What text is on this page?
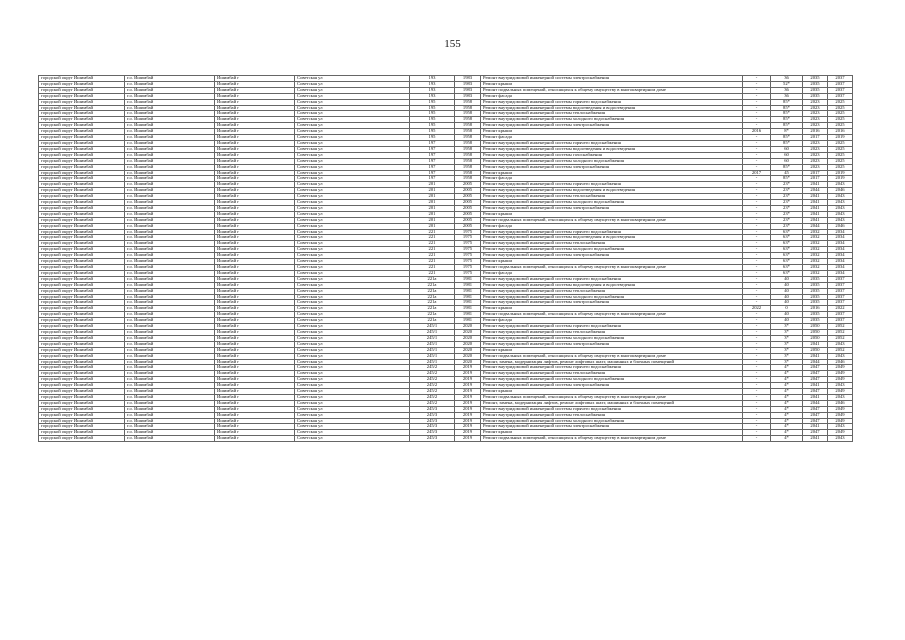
155
городской округ Ишимбай	г.о. Ишимбай	Ишимбай г	Советская ул	193	1983	Ремонт внутридомовой инженерной системы электроснабжения	-	36	2035	2037
городской округ Ишимбай	г.о. Ишимбай	Ишимбай г	Советская ул	193	1983	Ремонт крыши	-	52*	2035	2037
городской округ Ишимбай	г.о. Ишимбай	Ишимбай г	Советская ул	193	1983	Ремонт подвальных помещений, относящихся к общему имуществу в многоквартирном доме	-	36	2035	2037
городской округ Ишимбай	г.о. Ишимбай	Ишимбай г	Советская ул	193	1983	Ремонт фасада	-	36	2035	2037
городской округ Ишимбай	г.о. Ишимбай	Ишимбай г	Советская ул	195	1958	Ремонт внутридомовой инженерной системы горячего водоснабжения	-	85*	2023	2025
городской округ Ишимбай	г.о. Ишимбай	Ишимбай г	Советская ул	195	1958	Ремонт внутридомовой инженерной системы водоотведения и водоотведения	-	85*	2023	2025
городской округ Ишимбай	г.о. Ишимбай	Ишимбай г	Советская ул	195	1958	Ремонт внутридомовой инженерной системы теплоснабжения	-	85*	2023	2025
городской округ Ишимбай	г.о. Ишимбай	Ишимбай г	Советская ул	195	1958	Ремонт внутридомовой инженерной системы холодного водоснабжения	-	85*	2023	2025
городской округ Ишимбай	г.о. Ишимбай	Ишимбай г	Советская ул	195	1958	Ремонт внутридомовой инженерной системы электроснабжения	-	85*	2023	2025
городской округ Ишимбай	г.о. Ишимбай	Ишимбай г	Советская ул	195	1958	Ремонт крыши	2016	8*	2016	2016
городской округ Ишимбай	г.о. Ишимбай	Ишимбай г	Советская ул	195	1958	Ремонт фасада	-	85*	2017	2019
городской округ Ишимбай	г.о. Ишимбай	Ишимбай г	Советская ул	197	1958	Ремонт внутридомовой инженерной системы горячего водоснабжения	-	85*	2023	2025
городской округ Ишимбай	г.о. Ишимбай	Ишимбай г	Советская ул	197	1958	Ремонт внутридомовой инженерной системы водоотведения и водоотведения	-	60	2023	2025
городской округ Ишимбай	г.о. Ишимбай	Ишимбай г	Советская ул	197	1958	Ремонт внутридомовой инженерной системы газоснабжения	-	60	2023	2025
городской округ Ишимбай	г.о. Ишимбай	Ишимбай г	Советская ул	197	1958	Ремонт внутридомовой инженерной системы холодного водоснабжения	-	60	2023	2025
городской округ Ишимбай	г.о. Ишимбай	Ишимбай г	Советская ул	197	1958	Ремонт внутридомовой инженерной системы электроснабжения	-	85*	2023	2025
городской округ Ишимбай	г.о. Ишимбай	Ишимбай г	Советская ул	197	1958	Ремонт крыши	2017	45	2017	2019
городской округ Ишимбай	г.о. Ишимбай	Ишимбай г	Советская ул	197	1958	Ремонт фасада	-	85*	2017	2019
городской округ Ишимбай	г.о. Ишимбай	Ишимбай г	Советская ул	201	2005	Ремонт внутридомовой инженерной системы горячего водоснабжения	-	23*	2041	2043
городской округ Ишимбай	г.о. Ишимбай	Ишимбай г	Советская ул	201	2005	Ремонт внутридомовой инженерной системы водоотведения и водоотведения	-	23*	2044	2046
городской округ Ишимбай	г.о. Ишимбай	Ишимбай г	Советская ул	201	2005	Ремонт внутридомовой инженерной системы теплоснабжения	-	23*	2041	2043
городской округ Ишимбай	г.о. Ишимбай	Ишимбай г	Советская ул	201	2005	Ремонт внутридомовой инженерной системы холодного водоснабжения	-	23*	2041	2043
городской округ Ишимбай	г.о. Ишимбай	Ишимбай г	Советская ул	201	2005	Ремонт внутридомовой инженерной системы электроснабжения	-	23*	2041	2043
городской округ Ишимбай	г.о. Ишимбай	Ишимбай г	Советская ул	201	2005	Ремонт крыши	-	23*	2041	2043
городской округ Ишимбай	г.о. Ишимбай	Ишимбай г	Советская ул	201	2005	Ремонт подвальных помещений, относящихся к общему имуществу в многоквартирном доме	-	23*	2041	2043
городской округ Ишимбай	г.о. Ишимбай	Ишимбай г	Советская ул	201	2005	Ремонт фасада	-	23*	2044	2046
городской округ Ишимбай	г.о. Ишимбай	Ишимбай г	Советская ул	221	1975	Ремонт внутридомовой инженерной системы горячего водоснабжения	-	63*	2032	2034
городской округ Ишимбай	г.о. Ишимбай	Ишимбай г	Советская ул	221	1975	Ремонт внутридомовой инженерной системы водоотведения и водоотведения	-	63*	2032	2034
городской округ Ишимбай	г.о. Ишимбай	Ишимбай г	Советская ул	221	1975	Ремонт внутридомовой инженерной системы теплоснабжения	-	63*	2032	2034
городской округ Ишимбай	г.о. Ишимбай	Ишимбай г	Советская ул	221	1975	Ремонт внутридомовой инженерной системы холодного водоснабжения	-	63*	2032	2034
городской округ Ишимбай	г.о. Ишимбай	Ишимбай г	Советская ул	221	1975	Ремонт внутридомовой инженерной системы электроснабжения	-	63*	2032	2034
городской округ Ишимбай	г.о. Ишимбай	Ишимбай г	Советская ул	221	1975	Ремонт крыши	-	63*	2032	2034
городской округ Ишимбай	г.о. Ишимбай	Ишимбай г	Советская ул	221	1975	Ремонт подвальных помещений, относящихся к общему имуществу в многоквартирном доме	-	63*	2032	2034
городской округ Ишимбай	г.о. Ишимбай	Ишимбай г	Советская ул	221	1975	Ремонт фасада	-	63*	2032	2034
городской округ Ишимбай	г.о. Ишимбай	Ишимбай г	Советская ул	221а	1981	Ремонт внутридомовой инженерной системы горячего водоснабжения	-	40	2035	2037
городской округ Ишимбай	г.о. Ишимбай	Ишимбай г	Советская ул	221а	1981	Ремонт внутридомовой инженерной системы водоотведения и водоотведения	-	40	2035	2037
городской округ Ишимбай	г.о. Ишимбай	Ишимбай г	Советская ул	221а	1981	Ремонт внутридомовой инженерной системы теплоснабжения	-	40	2035	2037
городской округ Ишимбай	г.о. Ишимбай	Ишимбай г	Советская ул	221а	1981	Ремонт внутридомовой инженерной системы холодного водоснабжения	-	40	2035	2037
городской округ Ишимбай	г.о. Ишимбай	Ишимбай г	Советская ул	221а	1981	Ремонт внутридомовой инженерной системы электроснабжения	-	40	2035	2037
городской округ Ишимбай	г.о. Ишимбай	Ишимбай г	Советская ул	221а	1981	Ремонт крыши	2022	0	2016	2022
городской округ Ишимбай	г.о. Ишимбай	Ишимбай г	Советская ул	221а	1981	Ремонт подвальных помещений, относящихся к общему имуществу в многоквартирном доме	-	40	2035	2037
городской округ Ишимбай	г.о. Ишимбай	Ишимбай г	Советская ул	221а	1981	Ремонт фасада	-	40	2035	2037
городской округ Ишимбай	г.о. Ишимбай	Ишимбай г	Советская ул	245/1	2020	Ремонт внутридомовой инженерной системы горячего водоснабжения	-	3*	2050	2052
городской округ Ишимбай	г.о. Ишимбай	Ишимбай г	Советская ул	245/1	2020	Ремонт внутридомовой инженерной системы теплоснабжения	-	3*	2050	2052
городской округ Ишимбай	г.о. Ишимбай	Ишимбай г	Советская ул	245/1	2020	Ремонт внутридомовой инженерной системы холодного водоснабжения	-	3*	2050	2052
городской округ Ишимбай	г.о. Ишимбай	Ишимбай г	Советская ул	245/1	2020	Ремонт внутридомовой инженерной системы электроснабжения	-	3*	2041	2043
городской округ Ишимбай	г.о. Ишимбай	Ишимбай г	Советская ул	245/1	2020	Ремонт крыши	-	3*	2050	2052
городской округ Ишимбай	г.о. Ишимбай	Ишимбай г	Советская ул	245/1	2020	Ремонт подвальных помещений, относящихся к общему имуществу в многоквартирном доме	-	3*	2041	2043
городской округ Ишимбай	г.о. Ишимбай	Ишимбай г	Советская ул	245/1	2020	Ремонт, замена, модернизация лифтов, ремонт лифтовых шахт, машинных и блочных помещений	-	3*	2044	2046
городской округ Ишимбай	г.о. Ишимбай	Ишимбай г	Советская ул	245/2	2019	Ремонт внутридомовой инженерной системы горячего водоснабжения	-	4*	2047	2049
городской округ Ишимбай	г.о. Ишимбай	Ишимбай г	Советская ул	245/2	2019	Ремонт внутридомовой инженерной системы теплоснабжения	-	4*	2047	2049
городской округ Ишимбай	г.о. Ишимбай	Ишимбай г	Советская ул	245/2	2019	Ремонт внутридомовой инженерной системы холодного водоснабжения	-	4*	2047	2049
городской округ Ишимбай	г.о. Ишимбай	Ишимбай г	Советская ул	245/2	2019	Ремонт внутридомовой инженерной системы электроснабжения	-	4*	2041	2043
городской округ Ишимбай	г.о. Ишимбай	Ишимбай г	Советская ул	245/2	2019	Ремонт крыши	-	4*	2047	2049
городской округ Ишимбай	г.о. Ишимбай	Ишимбай г	Советская ул	245/2	2019	Ремонт подвальных помещений, относящихся к общему имуществу в многоквартирном доме	-	4*	2041	2043
городской округ Ишимбай	г.о. Ишимбай	Ишимбай г	Советская ул	245/2	2019	Ремонт, замена, модернизация лифтов, ремонт лифтовых шахт, машинных и блочных помещений	-	4*	2044	2046
городской округ Ишимбай	г.о. Ишимбай	Ишимбай г	Советская ул	245/3	2019	Ремонт внутридомовой инженерной системы горячего водоснабжения	-	4*	2047	2049
городской округ Ишимбай	г.о. Ишимбай	Ишимбай г	Советская ул	245/3	2019	Ремонт внутридомовой инженерной системы теплоснабжения	-	4*	2047	2049
городской округ Ишимбай	г.о. Ишимбай	Ишимбай г	Советская ул	245/3	2019	Ремонт внутридомовой инженерной системы холодного водоснабжения	-	4*	2047	2049
городской округ Ишимбай	г.о. Ишимбай	Ишимбай г	Советская ул	245/3	2019	Ремонт внутридомовой инженерной системы электроснабжения	-	4*	2041	2043
городской округ Ишимбай	г.о. Ишимбай	Ишимбай г	Советская ул	245/3	2019	Ремонт крыши	-	4*	2047	2049
городской округ Ишимбай	г.о. Ишимбай	Ишимбай г	Советская ул	245/3	2019	Ремонт подвальных помещений, относящихся к общему имуществу в многоквартирном доме	-	4*	2041	2043
